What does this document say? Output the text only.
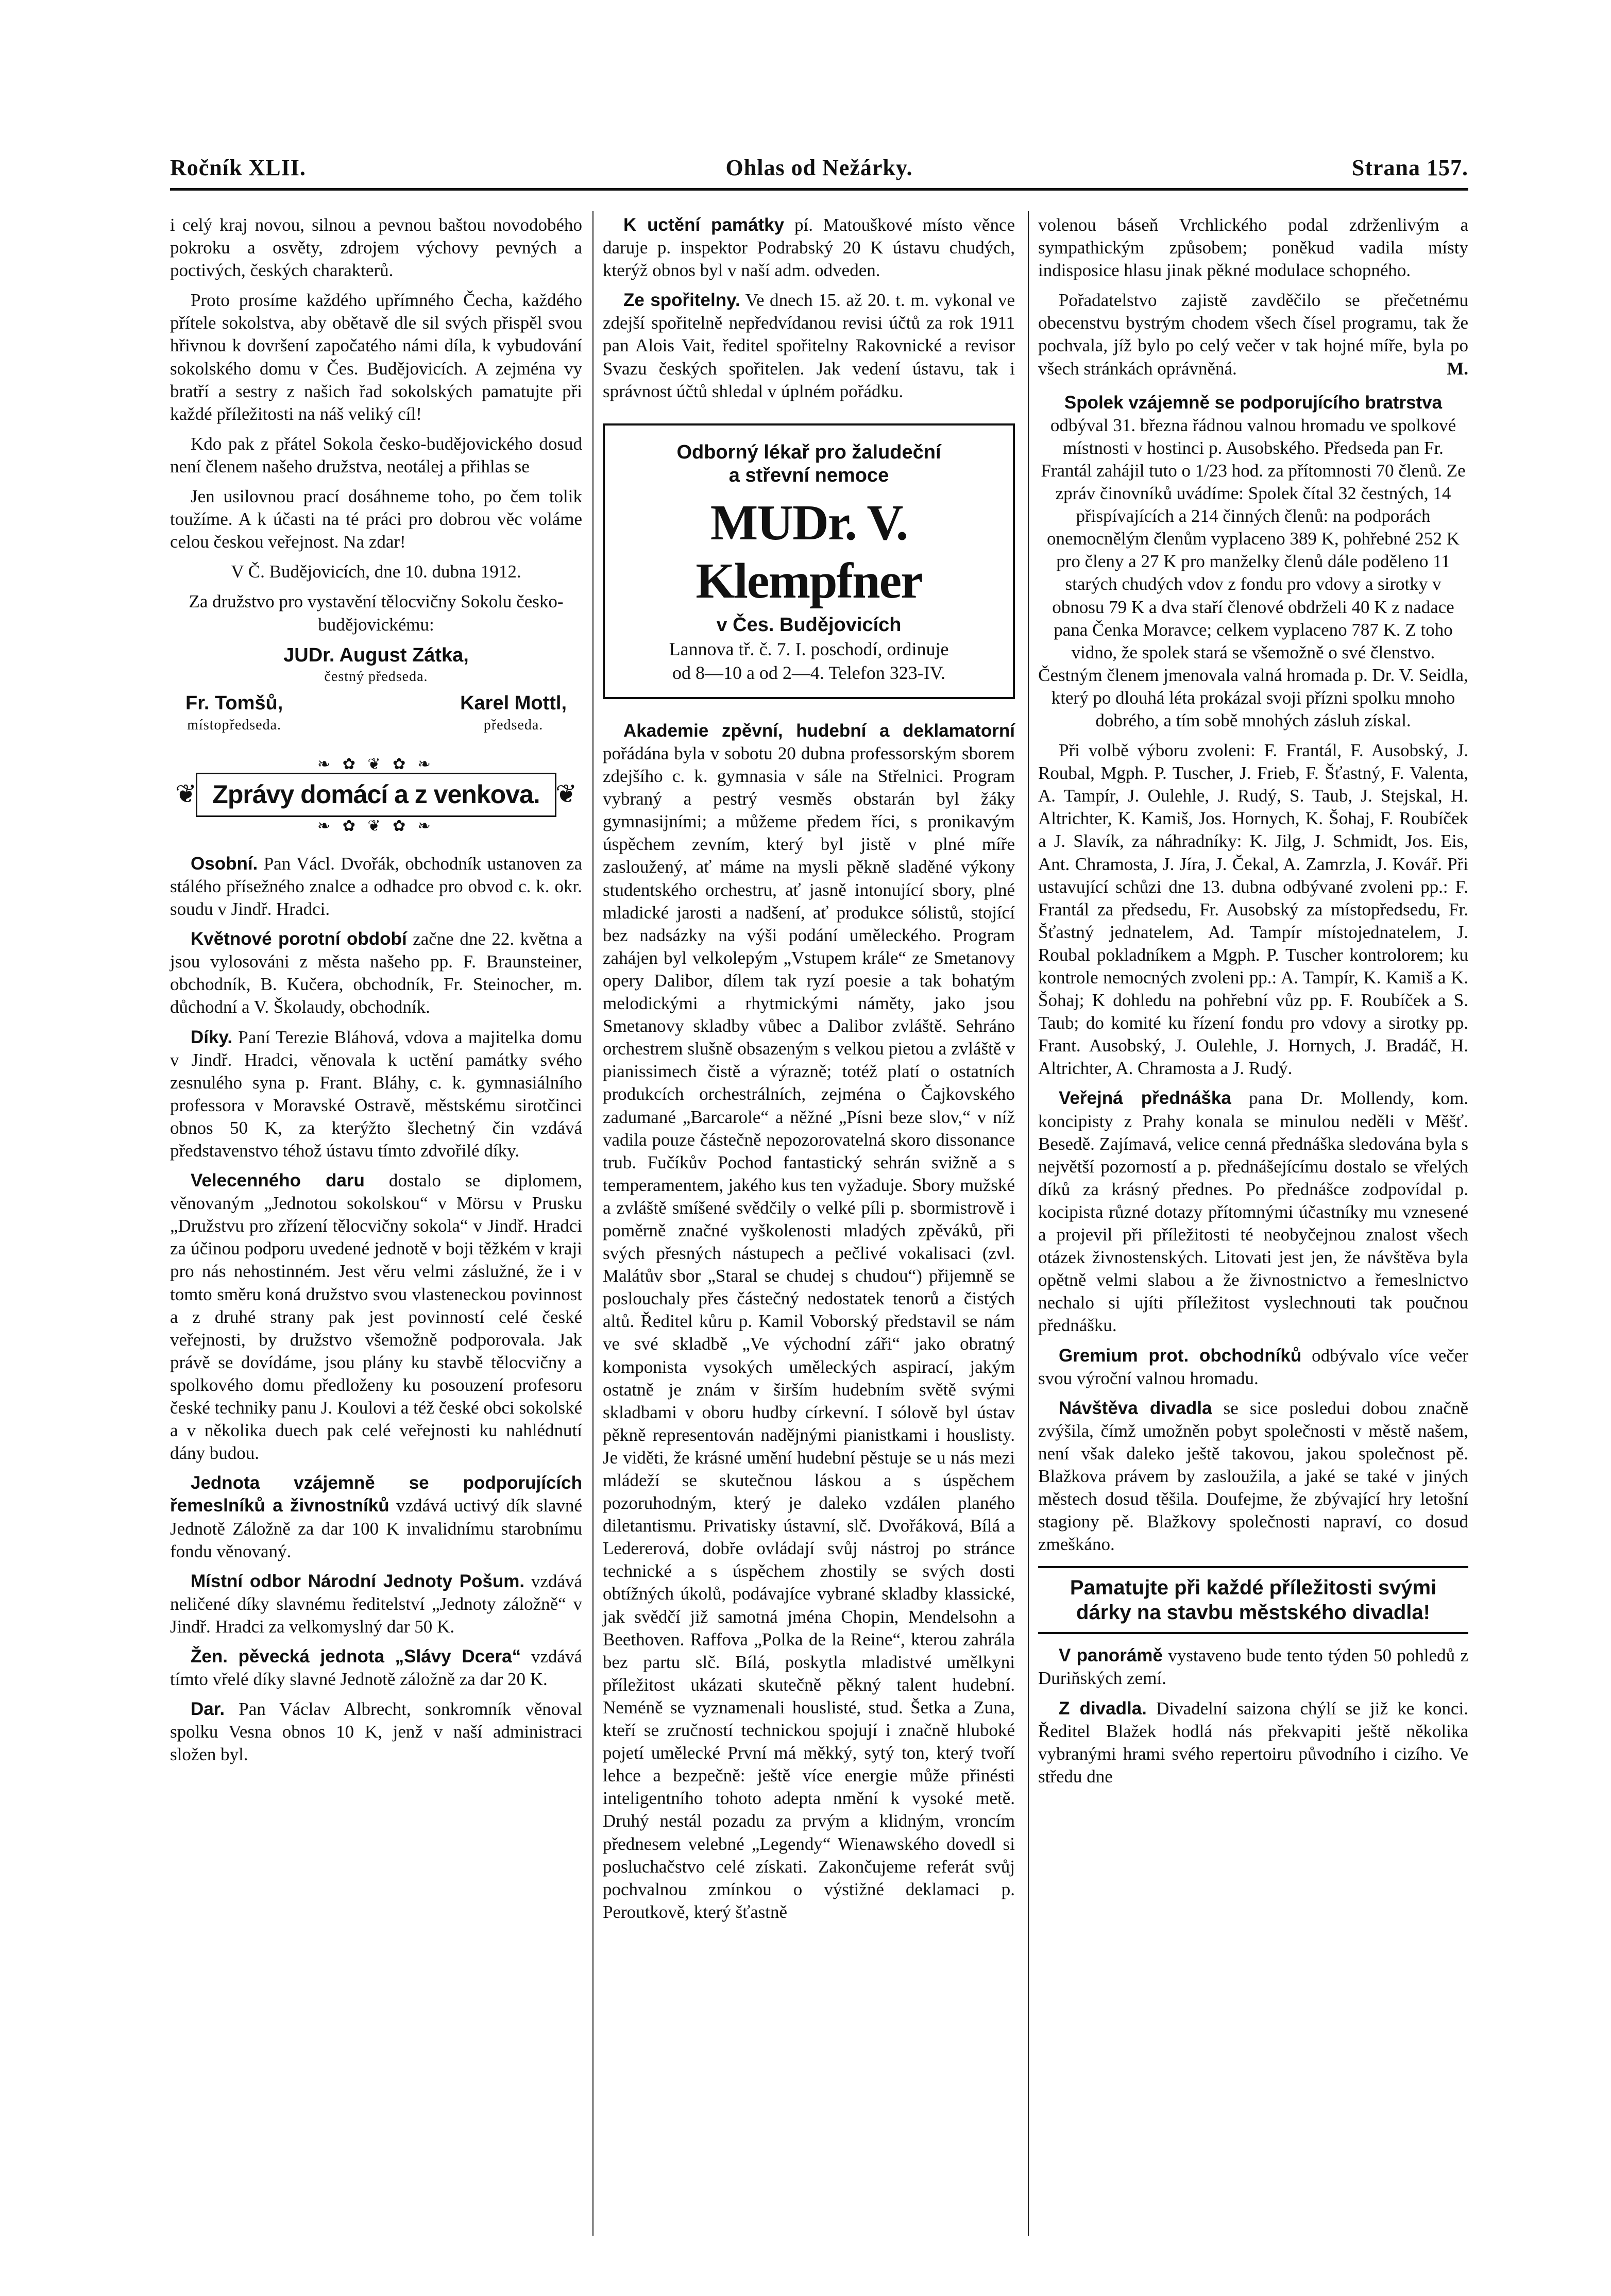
Ročník XLII.	Ohlas od Nežárky.	Strana 157.

i celý kraj novou, silnou a pevnou baštou novodobého pokroku a osvěty, zdrojem výchovy pevných a poctivých, českých charakterů.

Proto prosíme každého upřímného Čecha, každého přítele sokolstva, aby obětavě dle sil svých přispěl svou hřivnou k dovršení započatého námi díla, k vybudování sokolského domu v Čes. Budějovicích. A zejména vy bratří a sestry z našich řad sokolských pamatujte při každé příležitosti na náš veliký cíl!

Kdo pak z přátel Sokola česko-budějovického dosud není členem našeho družstva, neotálej a přihlas se

Jen usilovnou prací dosáhneme toho, po čem tolik toužíme. A k účasti na té práci pro dobrou věc voláme celou českou veřejnost. Na zdar!

V Č. Budějovicích, dne 10. dubna 1912.

Za družstvo pro vystavění tělocvičny Sokolu česko-budějovickému:

JUDr. August Zátka,
čestný předseda.
Fr. Tomšů,
místopředseda.
Karel Mottl,
předseda.
❧ ✿ ❦ ✿ ❧
❦ Zprávy domácí a z venkova. ❦
❧ ✿ ❦ ✿ ❧

Osobní. Pan Václ. Dvořák, obchodník ustanoven za stálého přísežného znalce a odhadce pro obvod c. k. okr. soudu v Jindř. Hradci.

Květnové porotní období začne dne 22. května a jsou vylosováni z města našeho pp. F. Braunsteiner, obchodník, B. Kučera, obchodník, Fr. Steinocher, m. důchodní a V. Školaudy, obchodník.

Díky. Paní Terezie Bláhová, vdova a majitelka domu v Jindř. Hradci, věnovala k uctění památky svého zesnulého syna p. Frant. Bláhy, c. k. gymnasiálního professora v Moravské Ostravě, městskému sirotčinci obnos 50 K, za kterýžto šlechetný čin vzdává představenstvo téhož ústavu tímto zdvořilé díky.

Velecenného daru dostalo se diplomem, věnovaným „Jednotou sokolskou“ v Mörsu v Prusku „Družstvu pro zřízení tělocvičny sokola“ v Jindř. Hradci za účinou podporu uvedené jednotě v boji těžkém v kraji pro nás nehostinném. Jest věru velmi záslužné, že i v tomto směru koná družstvo svou vlasteneckou povinnost a z druhé strany pak jest povinností celé české veřejnosti, by družstvo všemožně podporovala. Jak právě se dovídáme, jsou plány ku stavbě tělocvičny a spolkového domu předloženy ku posouzení profesoru české techniky panu J. Koulovi a též české obci sokolské a v několika duech pak celé veřejnosti ku nahlédnutí dány budou.

Jednota vzájemně se podporujících řemeslníků a živnostníků vzdává uctivý dík slavné Jednotě Záložně za dar 100 K invalidnímu starobnímu fondu věnovaný.

Místní odbor Národní Jednoty Pošum. vzdává neličené díky slavnému ředitelství „Jednoty záložně“ v Jindř. Hradci za velkomyslný dar 50 K.

Žen. pěvecká jednota „Slávy Dcera“ vzdává tímto vřelé díky slavné Jednotě záložně za dar 20 K.

Dar. Pan Václav Albrecht, sonkromník věnoval spolku Vesna obnos 10 K, jenž v naší administraci složen byl.

K uctění památky pí. Matouškové místo věnce daruje p. inspektor Podrabský 20 K ústavu chudých, kterýž obnos byl v naší adm. odveden.

Ze spořitelny. Ve dnech 15. až 20. t. m. vykonal ve zdejší spořitelně nepředvídanou revisi účtů za rok 1911 pan Alois Vait, ředitel spořitelny Rakovnické a revisor Svazu českých spořitelen. Jak vedení ústavu, tak i správnost účtů shledal v úplném pořádku.

Odborný lékař pro žaludeční

a střevní nemoce

MUDr. V. Klempfner

v Čes. Budějovicích

Lannova tř. č. 7. I. poschodí, ordinuje

od 8—10 a od 2—4. Telefon 323-IV.

Akademie zpěvní, hudební a deklamatorní pořádána byla v sobotu 20 dubna professorským sborem zdejšího c. k. gymnasia v sále na Střelnici. Program vybraný a pestrý vesměs obstarán byl žáky gymnasijními; a můžeme předem říci, s pronikavým úspěchem zevním, který byl jistě v plné míře zasloužený, ať máme na mysli pěkně sladěné výkony studentského orchestru, ať jasně intonující sbory, plné mladické jarosti a nadšení, ať produkce sólistů, stojící bez nadsázky na výši podání uměleckého. Program zahájen byl velkolepým „Vstupem krále“ ze Smetanovy opery Dalibor, dílem tak ryzí poesie a tak bohatým melodickými a rhytmickými náměty, jako jsou Smetanovy skladby vůbec a Dalibor zvláště. Sehráno orchestrem slušně obsazeným s velkou pietou a zvláště v pianissimech čistě a výrazně; totéž platí o ostatních produkcích orchestrálních, zejména o Čajkovského zadumané „Barcarole“ a něžné „Písni beze slov,“ v níž vadila pouze částečně nepozorovatelná skoro dissonance trub. Fučíkův Pochod fantastický sehrán svižně a s temperamentem, jakého kus ten vyžaduje. Sbory mužské a zvláště smíšené svědčily o velké píli p. sbormistrově i poměrně značné vyškolenosti mladých zpěváků, při svých přesných nástupech a pečlivé vokalisaci (zvl. Malátův sbor „Staral se chudej s chudou“) přijemně se poslouchaly přes částečný nedostatek tenorů a čistých altů. Ředitel kůru p. Kamil Voborský představil se nám ve své skladbě „Ve východní záři“ jako obratný komponista vysokých uměleckých aspirací, jakým ostatně je znám v širším hudebním světě svými skladbami v oboru hudby církevní. I sólově byl ústav pěkně representován nadějnými pianistkami i houslisty. Je viděti, že krásné umění hudební pěstuje se u nás mezi mládeží se skutečnou láskou a s úspěchem pozoruhodným, který je daleko vzdálen planého diletantismu. Privatisky ústavní, slč. Dvořáková, Bílá a Ledererová, dobře ovládají svůj nástroj po stránce technické a s úspěchem zhostily se svých dosti obtížných úkolů, podávajíce vybrané skladby klassické, jak svědčí již samotná jména Chopin, Mendelsohn a Beethoven. Raffova „Polka de la Reine“, kterou zahrála bez partu slč. Bílá, poskytla mladistvé umělkyni příležitost ukázati skutečně pěkný talent hudební. Neméně se vyznamenali houslisté, stud. Šetka a Zuna, kteří se zručností technickou spojují i značně hluboké pojetí umělecké První má měkký, sytý ton, který tvoří lehce a bezpečně: ještě více energie může přinésti inteligentního tohoto adepta nmění k vysoké metě. Druhý nestál pozadu za prvým a klidným, vroncím přednesem velebné „Legendy“ Wienawského dovedl si posluchačstvo celé získati. Zakončujeme referát svůj pochvalnou zmínkou o výstižné deklamaci p. Peroutkově, který šťastně

volenou báseň Vrchlického podal zdrženlivým a sympathickým způsobem; poněkud vadila místy indisposice hlasu jinak pěkné modulace schopného.

Pořadatelstvo zajistě zavděčilo se přečetnému obecenstvu bystrým chodem všech čísel programu, tak že pochvala, jíž bylo po celý večer v tak hojné míře, byla po všech stránkách oprávněná.	M.

Spolek vzájemně se podporujícího bratrstva odbýval 31. března řádnou valnou hromadu ve spolkové místnosti v hostinci p. Ausobského. Předseda pan Fr. Frantál zahájil tuto o 1/23 hod. za přítomnosti 70 členů. Ze zpráv činovníků uvádíme: Spolek čítal 32 čestných, 14 přispívajících a 214 činných členů: na podporách onemocnělým členům vyplaceno 389 K, pohřebné 252 K pro členy a 27 K pro manželky členů dále poděleno 11 starých chudých vdov z fondu pro vdovy a sirotky v obnosu 79 K a dva staří členové obdrželi 40 K z nadace pana Čenka Moravce; celkem vyplaceno 787 K. Z toho vidno, že spolek stará se všemožně o své členstvo. Čestným členem jmenovala valná hromada p. Dr. V. Seidla, který po dlouhá léta prokázal svoji přízni spolku mnoho dobrého, a tím sobě mnohých zásluh získal.

Při volbě výboru zvoleni: F. Frantál, F. Ausobský, J. Roubal, Mgph. P. Tuscher, J. Frieb, F. Šťastný, F. Valenta, A. Tampír, J. Oulehle, J. Rudý, S. Taub, J. Stejskal, H. Altrichter, K. Kamiš, Jos. Hornych, K. Šohaj, F. Roubíček a J. Slavík, za náhradníky: K. Jilg, J. Schmidt, Jos. Eis, Ant. Chramosta, J. Jíra, J. Čekal, A. Zamrzla, J. Kovář. Při ustavující schůzi dne 13. dubna odbývané zvoleni pp.: F. Frantál za předsedu, Fr. Ausobský za místopředsedu, Fr. Šťastný jednatelem, Ad. Tampír místojednatelem, J. Roubal pokladníkem a Mgph. P. Tuscher kontrolorem; ku kontrole nemocných zvoleni pp.: A. Tampír, K. Kamiš a K. Šohaj; K dohledu na pohřební vůz pp. F. Roubíček a S. Taub; do komité ku řízení fondu pro vdovy a sirotky pp. Frant. Ausobský, J. Oulehle, J. Hornych, J. Bradáč, H. Altrichter, A. Chramosta a J. Rudý.

Veřejná přednáška pana Dr. Mollendy, kom. koncipisty z Prahy konala se minulou neděli v Měšť. Besedě. Zajímavá, velice cenná přednáška sledována byla s největší pozorností a p. přednášejícímu dostalo se vřelých díků za krásný přednes. Po přednášce zodpovídal p. kocipista různé dotazy přítomnými účastníky mu vznesené a projevil při příležitosti té neobyčejnou znalost všech otázek živnostenských. Litovati jest jen, že návštěva byla opětně velmi slabou a že živnostnictvo a řemeslnictvo nechalo si ujíti příležitost vyslechnouti tak poučnou přednášku.

Gremium prot. obchodníků odbývalo více večer svou výroční valnou hromadu.

Návštěva divadla se sice posledui dobou značně zvýšila, čímž umožněn pobyt společnosti v městě našem, není však daleko ještě takovou, jakou společnost pě. Blažkova právem by zasloužila, a jaké se také v jiných městech dosud těšila. Doufejme, že zbývající hry letošní stagiony pě. Blažkovy společnosti napraví, co dosud zmeškáno.

Pamatujte při každé příležitosti svými

dárky na stavbu městského divadla!

V panorámě vystaveno bude tento týden 50 pohledů z Duriňských zemí.

Z divadla. Divadelní saizona chýlí se již ke konci. Ředitel Blažek hodlá nás překvapiti ještě několika vybranými hrami svého repertoiru původního i cizího. Ve středu dne
